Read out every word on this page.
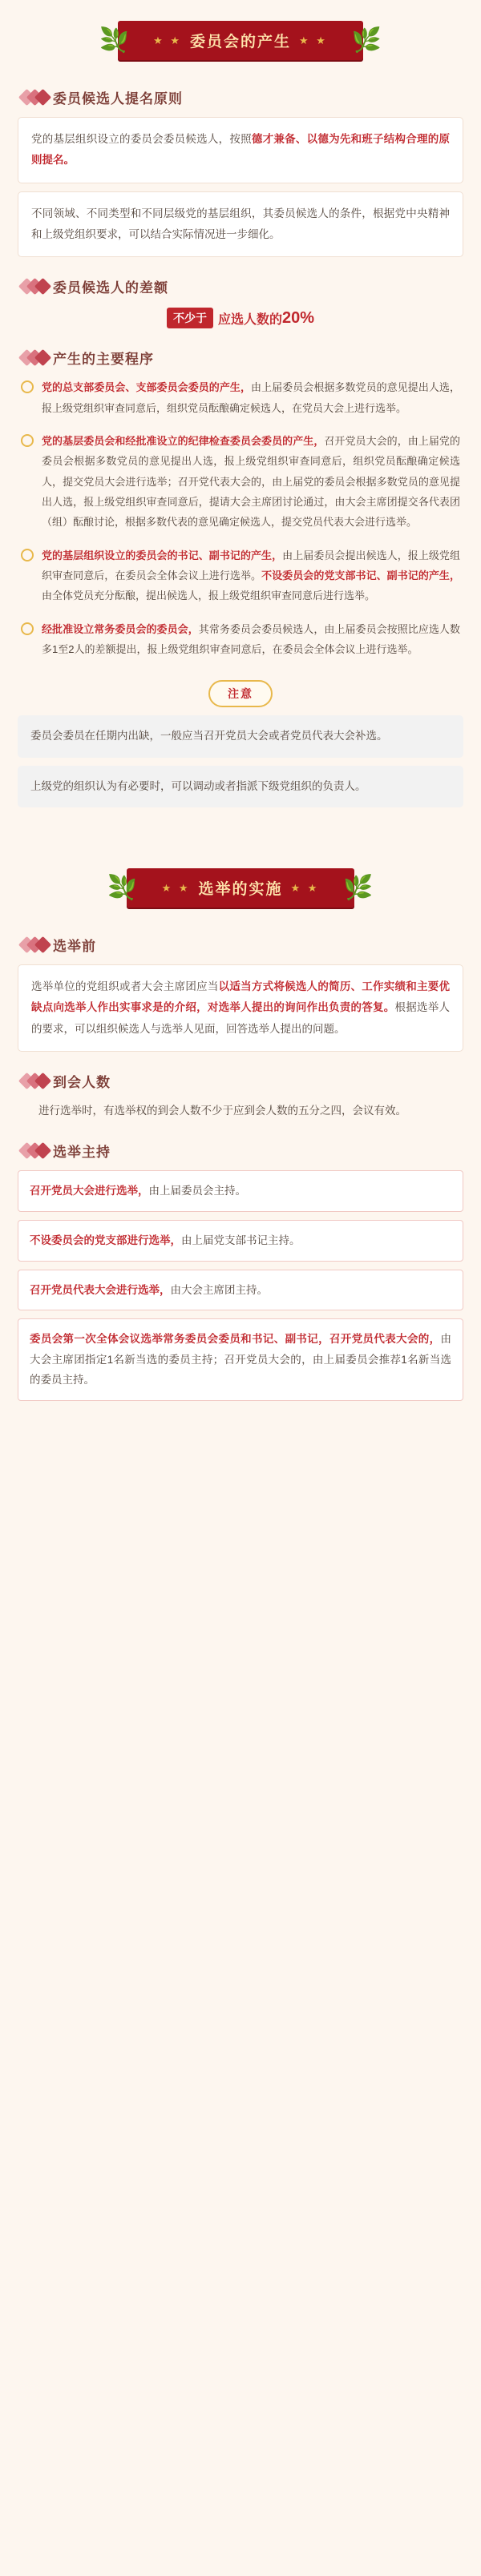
🌿 ★ ★ 委员会的产生 ★ ★ 🌿
委员候选人提名原则
党的基层组织设立的委员会委员候选人，按照德才兼备、以德为先和班子结构合理的原则提名。
不同领域、不同类型和不同层级党的基层组织，其委员候选人的条件，根据党中央精神和上级党组织要求，可以结合实际情况进一步细化。
委员候选人的差额
不少于 应选人数的 20%
产生的主要程序
党的总支部委员会、支部委员会委员的产生，由上届委员会根据多数党员的意见提出人选，报上级党组织审查同意后，组织党员酝酿确定候选人，在党员大会上进行选举。
党的基层委员会和经批准设立的纪律检查委员会委员的产生，召开党员大会的，由上届党的委员会根据多数党员的意见提出人选，报上级党组织审查同意后，组织党员酝酿确定候选人，提交党员大会进行选举；召开党代表大会的，由上届党的委员会根据多数党员的意见提出人选，报上级党组织审查同意后，提请大会主席团讨论通过，由大会主席团提交各代表团（组）酝酿讨论，根据多数代表的意见确定候选人，提交党员代表大会进行选举。
党的基层组织设立的委员会的书记、副书记的产生，由上届委员会提出候选人，报上级党组织审查同意后，在委员会全体会议上进行选举。不设委员会的党支部书记、副书记的产生，由全体党员充分酝酿，提出候选人，报上级党组织审查同意后进行选举。
经批准设立常务委员会的委员会，其常务委员会委员候选人，由上届委员会按照比应选人数多1至2人的差额提出，报上级党组织审查同意后，在委员会全体会议上进行选举。
注意
委员会委员在任期内出缺，一般应当召开党员大会或者党员代表大会补选。
上级党的组织认为有必要时，可以调动或者指派下级党组织的负责人。
🌿 ★ ★ 选举的实施 ★ ★ 🌿
选举前
选举单位的党组织或者大会主席团应当以适当方式将候选人的简历、工作实绩和主要优缺点向选举人作出实事求是的介绍，对选举人提出的询问作出负责的答复。根据选举人的要求，可以组织候选人与选举人见面，回答选举人提出的问题。
到会人数
进行选举时，有选举权的到会人数不少于应到会人数的五分之四，会议有效。
选举主持
召开党员大会进行选举，由上届委员会主持。
不设委员会的党支部进行选举，由上届党支部书记主持。
召开党员代表大会进行选举，由大会主席团主持。
委员会第一次全体会议选举常务委员会委员和书记、副书记，召开党员代表大会的，由大会主席团指定1名新当选的委员主持；召开党员大会的，由上届委员会推荐1名新当选的委员主持。
